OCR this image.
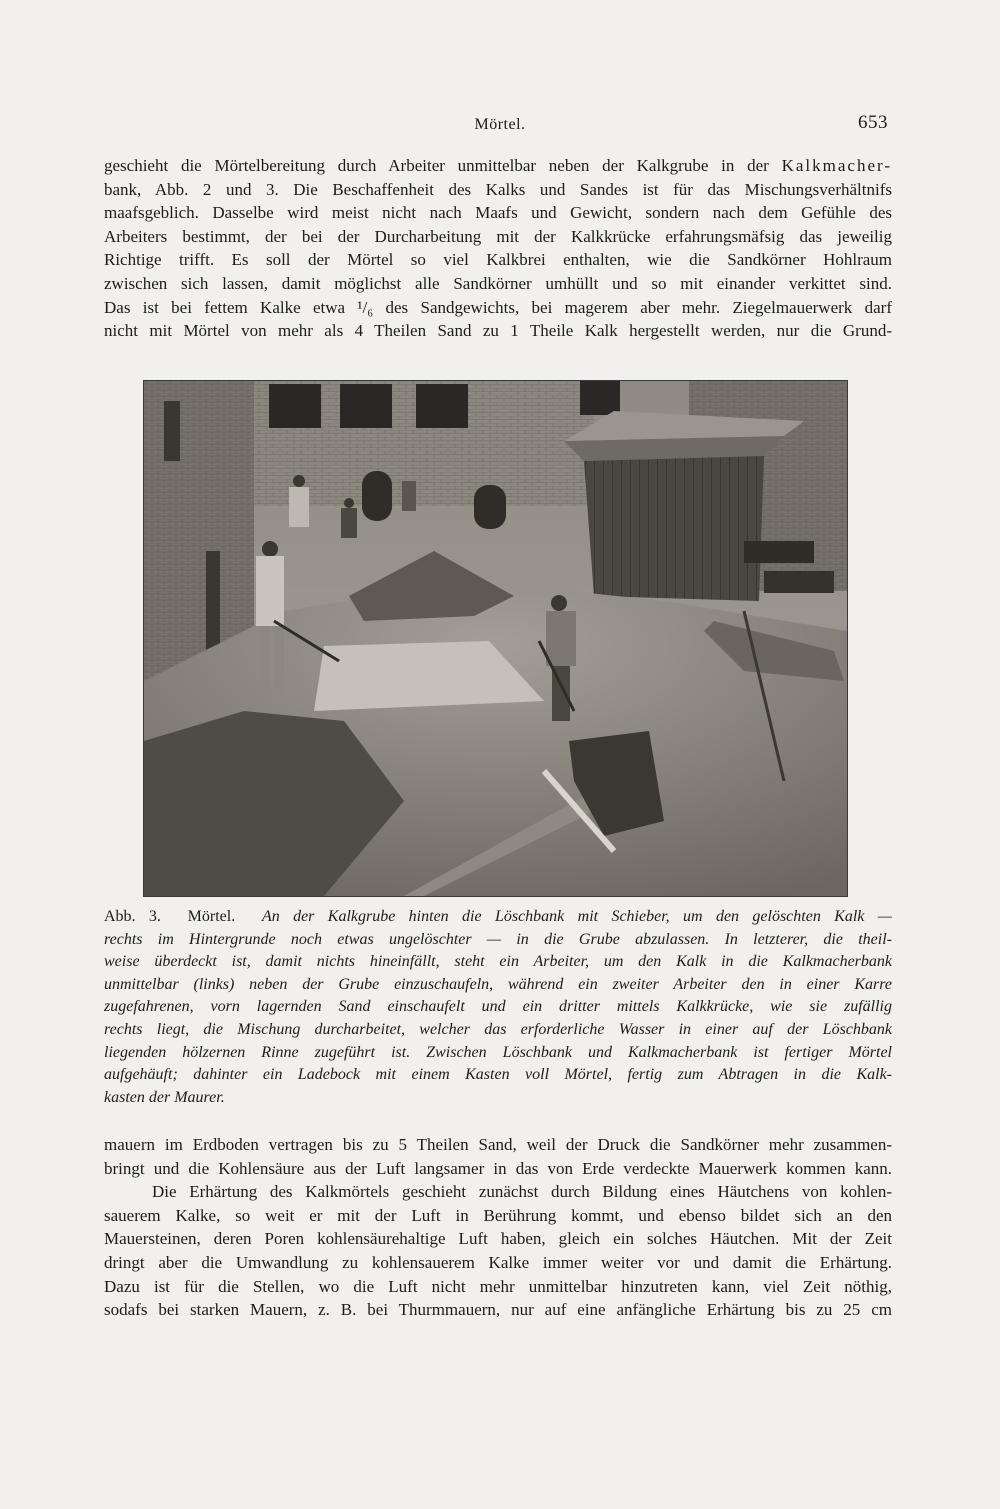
Mörtel.	653
geschieht die Mörtelbereitung durch Arbeiter unmittelbar neben der Kalkgrube in der Kalkmacher-
bank, Abb. 2 und 3. Die Beschaffenheit des Kalks und Sandes ist für das Mischungsverhältnifs
maafsgeblich. Dasselbe wird meist nicht nach Maafs und Gewicht, sondern nach dem Gefühle des
Arbeiters bestimmt, der bei der Durcharbeitung mit der Kalkkrücke erfahrungsmäfsig das jeweilig
Richtige trifft. Es soll der Mörtel so viel Kalkbrei enthalten, wie die Sandkörner Hohlraum
zwischen sich lassen, damit möglichst alle Sandkörner umhüllt und so mit einander verkittet sind.
Das ist bei fettem Kalke etwa ¹/₆ des Sandgewichts, bei magerem aber mehr. Ziegelmauerwerk darf
nicht mit Mörtel von mehr als 4 Theilen Sand zu 1 Theile Kalk hergestellt werden, nur die Grund-
Abb. 3. Mörtel. An der Kalkgrube hinten die Löschbank mit Schieber, um den gelöschten Kalk —
rechts im Hintergrunde noch etwas ungelöschter — in die Grube abzulassen. In letzterer, die theil-
weise überdeckt ist, damit nichts hineinfällt, steht ein Arbeiter, um den Kalk in die Kalkmacherbank
unmittelbar (links) neben der Grube einzuschaufeln, während ein zweiter Arbeiter den in einer Karre
zugefahrenen, vorn lagernden Sand einschaufelt und ein dritter mittels Kalkkrücke, wie sie zufällig
rechts liegt, die Mischung durcharbeitet, welcher das erforderliche Wasser in einer auf der Löschbank
liegenden hölzernen Rinne zugeführt ist. Zwischen Löschbank und Kalkmacherbank ist fertiger Mörtel
aufgehäuft; dahinter ein Ladebock mit einem Kasten voll Mörtel, fertig zum Abtragen in die Kalk-
kasten der Maurer.
mauern im Erdboden vertragen bis zu 5 Theilen Sand, weil der Druck die Sandkörner mehr zusammen-
bringt und die Kohlensäure aus der Luft langsamer in das von Erde verdeckte Mauerwerk kommen kann.
Die Erhärtung des Kalkmörtels geschieht zunächst durch Bildung eines Häutchens von kohlen-
sauerem Kalke, so weit er mit der Luft in Berührung kommt, und ebenso bildet sich an den
Mauersteinen, deren Poren kohlensäurehaltige Luft haben, gleich ein solches Häutchen. Mit der Zeit
dringt aber die Umwandlung zu kohlensauerem Kalke immer weiter vor und damit die Erhärtung.
Dazu ist für die Stellen, wo die Luft nicht mehr unmittelbar hinzutreten kann, viel Zeit nöthig,
sodafs bei starken Mauern, z. B. bei Thurmmauern, nur auf eine anfängliche Erhärtung bis zu 25 cm
